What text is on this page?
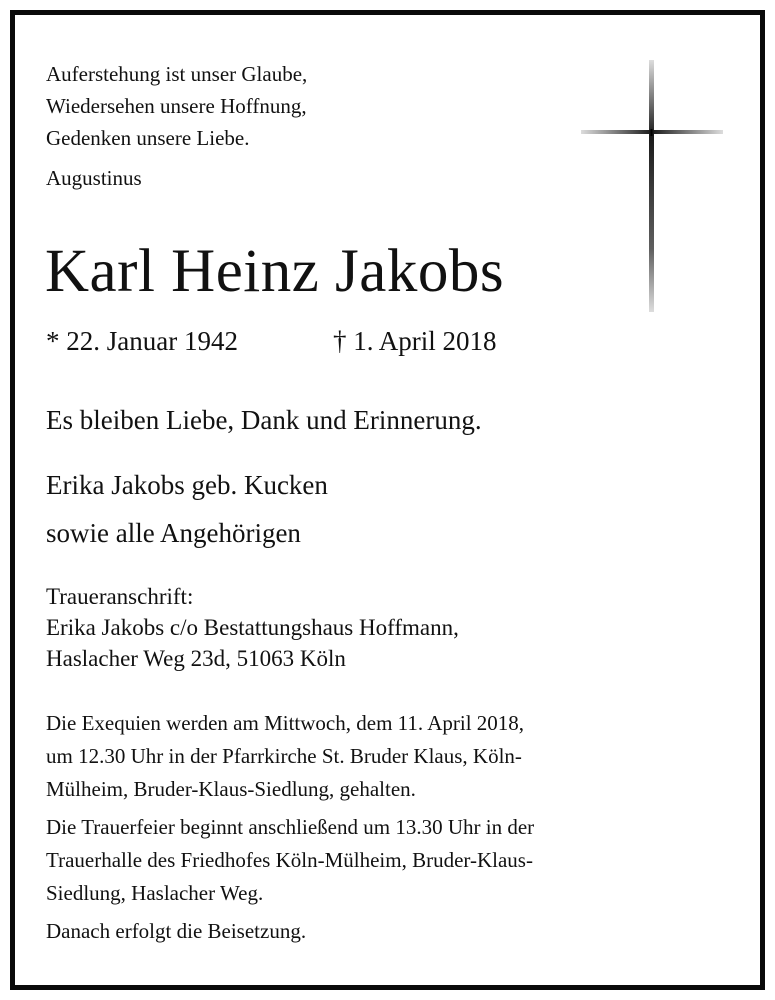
Auferstehung ist unser Glaube,
Wiedersehen unsere Hoffnung,
Gedenken unsere Liebe.
Augustinus
Karl Heinz Jakobs
* 22. Januar 1942	† 1. April 2018
Es bleiben Liebe, Dank und Erinnerung.
Erika Jakobs geb. Kucken
sowie alle Angehörigen
Traueranschrift:
Erika Jakobs c/o Bestattungshaus Hoffmann,
Haslacher Weg 23d, 51063 Köln
Die Exequien werden am Mittwoch, dem 11. April 2018,
um 12.30 Uhr in der Pfarrkirche St. Bruder Klaus, Köln-
Mülheim, Bruder-Klaus-Siedlung, gehalten.
Die Trauerfeier beginnt anschließend um 13.30 Uhr in der
Trauerhalle des Friedhofes Köln-Mülheim, Bruder-Klaus-
Siedlung, Haslacher Weg.
Danach erfolgt die Beisetzung.
